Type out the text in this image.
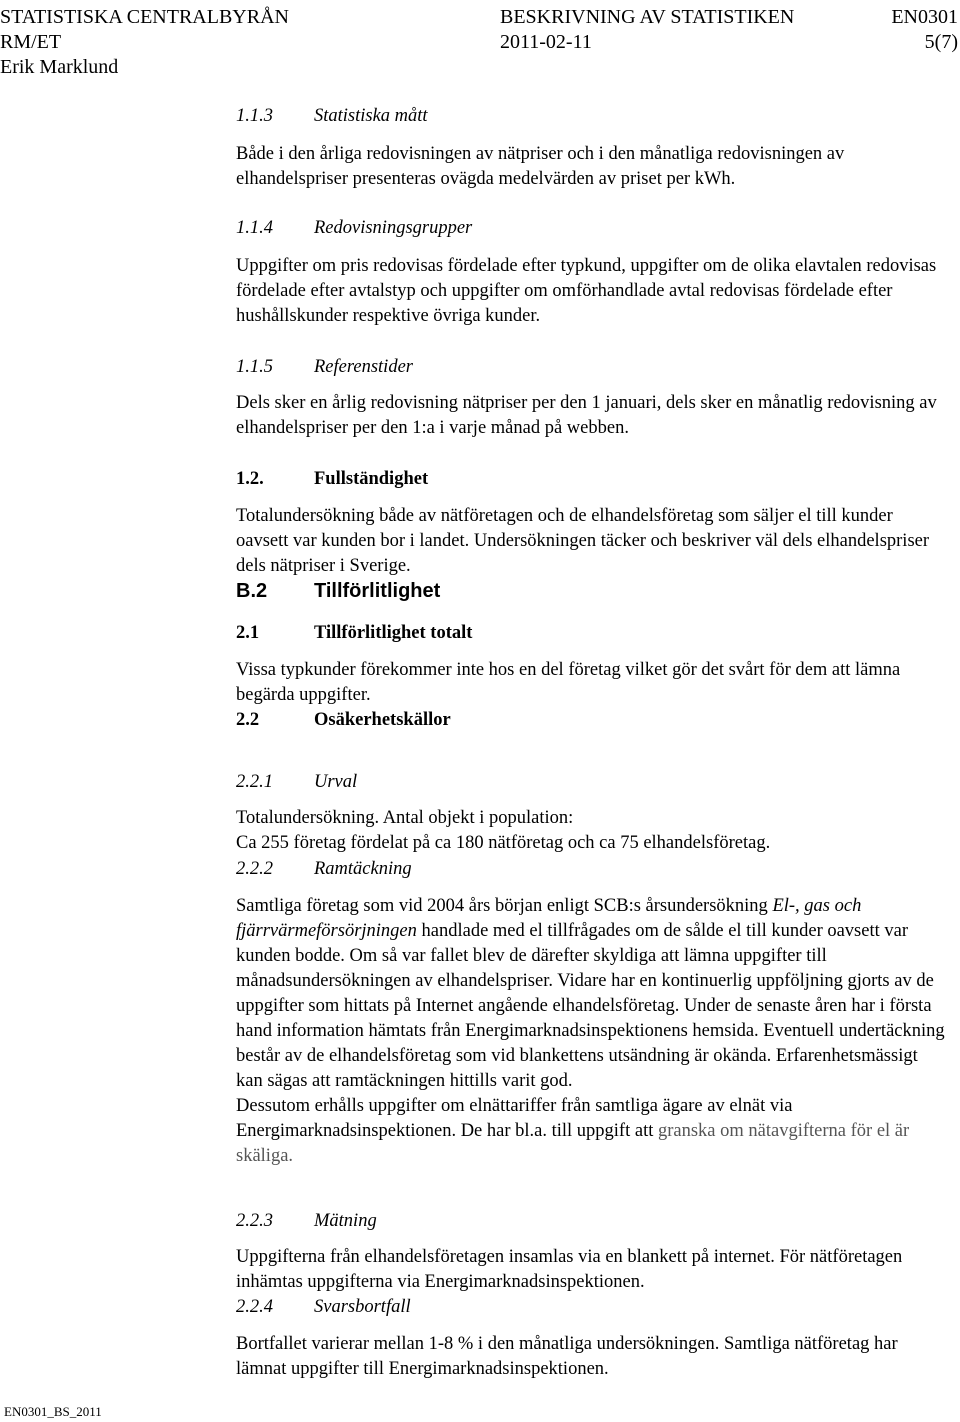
STATISTISKA CENTRALBYRÅN
RM/ET
Erik Marklund
BESKRIVNING AV STATISTIKEN
2011-02-11
EN0301
5(7)
1.1.3 Statistiska mått

Både i den årliga redovisningen av nätpriser och i den månatliga redovisningen av elhandelspriser presenteras ovägda medelvärden av priset per kWh.

1.1.4 Redovisningsgrupper

Uppgifter om pris redovisas fördelade efter typkund, uppgifter om de olika elavtalen redovisas fördelade efter avtalstyp och uppgifter om omförhandlade avtal redovisas fördelade efter hushållskunder respektive övriga kunder.

1.1.5 Referenstider

Dels sker en årlig redovisning nätpriser per den 1 januari, dels sker en månatlig redovisning av elhandelspriser per den 1:a i varje månad på webben.

1.2.	Fullständighet

Totalundersökning både av nätföretagen och de elhandelsföretag som säljer el till kunder oavsett var kunden bor i landet. Undersökningen täcker och beskriver väl dels elhandelspriser dels nätpriser i Sverige.

B.2 Tillförlitlighet
2.1	Tillförlitlighet totalt

Vissa typkunder förekommer inte hos en del företag vilket gör det svårt för dem att lämna begärda uppgifter.

2.2	Osäkerhetskällor
2.2.1 Urval

Totalundersökning. Antal objekt i population:

Ca 255 företag fördelat på ca 180 nätföretag och ca 75 elhandelsföretag.

2.2.2 Ramtäckning

Samtliga företag som vid 2004 års början enligt SCB:s årsundersökning El-, gas och fjärrvärmeförsörjningen handlade med el tillfrågades om de sålde el till kunder oavsett var kunden bodde. Om så var fallet blev de därefter skyldiga att lämna uppgifter till månadsundersökningen av elhandelspriser. Vidare har en kontinuerlig uppföljning gjorts av de uppgifter som hittats på Internet angående elhandelsföretag. Under de senaste åren har i första hand information hämtats från Energimarknadsinspektionens hemsida. Eventuell undertäckning består av de elhandelsföretag som vid blankettens utsändning är okända. Erfarenhetsmässigt kan sägas att ramtäckningen hittills varit god.

Dessutom erhålls uppgifter om elnättariffer från samtliga ägare av elnät via Energimarknadsinspektionen. De har bl.a. till uppgift att granska om nätavgifterna för el är skäliga.

2.2.3 Mätning

Uppgifterna från elhandelsföretagen insamlas via en blankett på internet. För nätföretagen inhämtas uppgifterna via Energimarknadsinspektionen.

2.2.4 Svarsbortfall

Bortfallet varierar mellan 1-8 % i den månatliga undersökningen. Samtliga nätföretag har lämnat uppgifter till Energimarknadsinspektionen.

EN0301_BS_2011
